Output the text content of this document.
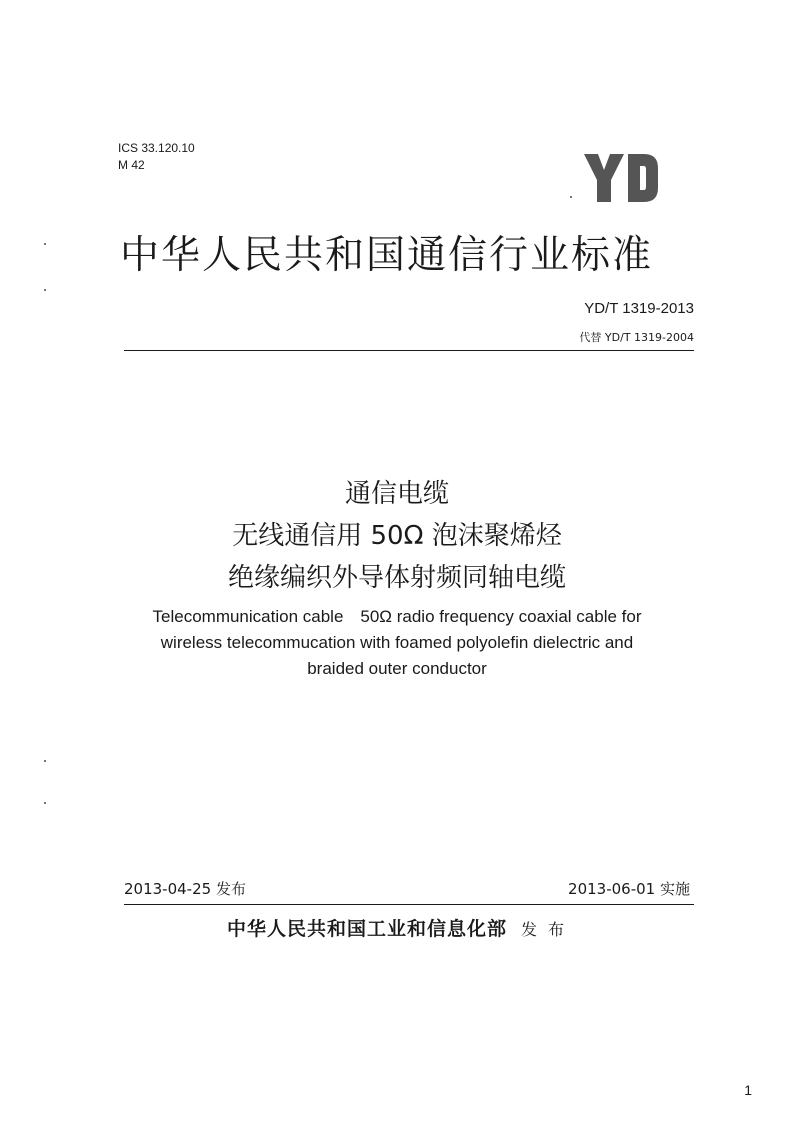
ICS 33.120.10
M 42
中华人民共和国通信行业标准
YD/T 1319-2013
代替 YD/T 1319-2004
通信电缆
无线通信用 50Ω 泡沫聚烯烃
绝缘编织外导体射频同轴电缆
Telecommunication cable　50Ω radio frequency coaxial cable for
wireless telecommucation with foamed polyolefin dielectric and
braided outer conductor
2013-04-25 发布	2013-06-01 实施
中华人民共和国工业和信息化部 发 布
1
